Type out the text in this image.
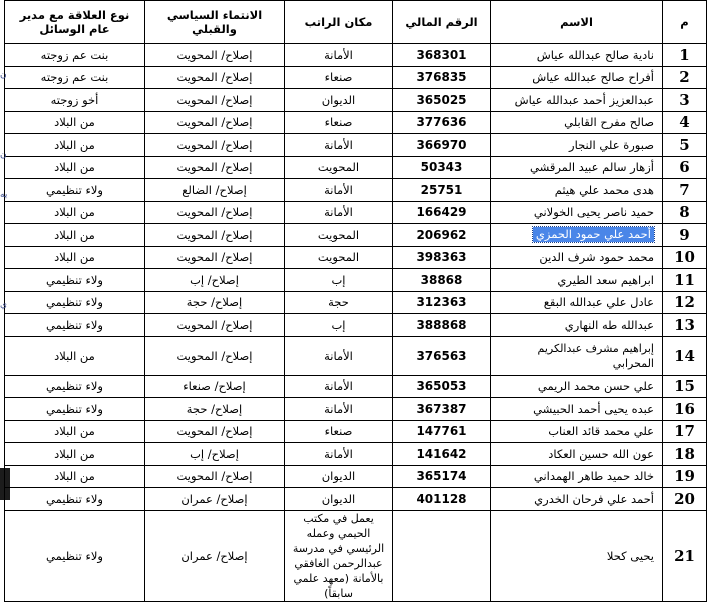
م	الاسم	الرقم المالي	مكان الراتب	الانتماء السياسي والقبلي	نوع العلاقة مع مدير عام الوسائل
1	نادية صالح عبدالله عياش	368301	الأمانة	إصلاح/ المحويت	بنت عم زوجته
2	أفراح صالح عبدالله عياش	376835	صنعاء	إصلاح/ المحويت	بنت عم زوجته
3	عبدالعزيز أحمد عبدالله عياش	365025	الديوان	إصلاح/ المحويت	أخو زوجته
4	صالح مفرح القابلي	377636	صنعاء	إصلاح/ المحويت	من البلاد
5	صبورة علي النجار	366970	الأمانة	إصلاح/ المحويت	من البلاد
6	أزهار سالم عبيد المرقشي	50343	المحويت	إصلاح/ المحويت	من البلاد
7	هدى محمد علي هيثم	25751	الأمانة	إصلاح/ الضالع	ولاء تنظيمي
8	حميد ناصر يحيى الخولاني	166429	الأمانة	إصلاح/ المحويت	من البلاد
9	أحمد علي حمود الحمزي	206962	المحويت	إصلاح/ المحويت	من البلاد
10	محمد حمود شرف الدين	398363	المحويت	إصلاح/ المحويت	من البلاد
11	ابراهيم سعد الطيري	38868	إب	إصلاح/ إب	ولاء تنظيمي
12	عادل علي عبدالله البقع	312363	حجة	إصلاح/ حجة	ولاء تنظيمي
13	عبدالله طه النهاري	388868	إب	إصلاح/ المحويت	ولاء تنظيمي
14	إبراهيم مشرف عبدالكريم المحرابي	376563	الأمانة	إصلاح/ المحويت	من البلاد
15	علي حسن محمد الريمي	365053	الأمانة	إصلاح/ صنعاء	ولاء تنظيمي
16	عبده يحيى أحمد الحبيشي	367387	الأمانة	إصلاح/ حجة	ولاء تنظيمي
17	علي محمد قائد العناب	147761	صنعاء	إصلاح/ المحويت	من البلاد
18	عون الله حسين العكاد	141642	الأمانة	إصلاح/ إب	من البلاد
19	خالد حميد طاهر الهمداني	365174	الديوان	إصلاح/ المحويت	من البلاد
20	أحمد علي فرحان الخدري	401128	الديوان	إصلاح/ عمران	ولاء تنظيمي
21	يحيى كحلا		يعمل في مكتب الحيمي وعمله الرئيسي في مدرسة عبدالرحمن الغافقي بالأمانة (معهد علمي سابقاً)	إصلاح/ عمران	ولاء تنظيمي
ن
ن
يه
ي
